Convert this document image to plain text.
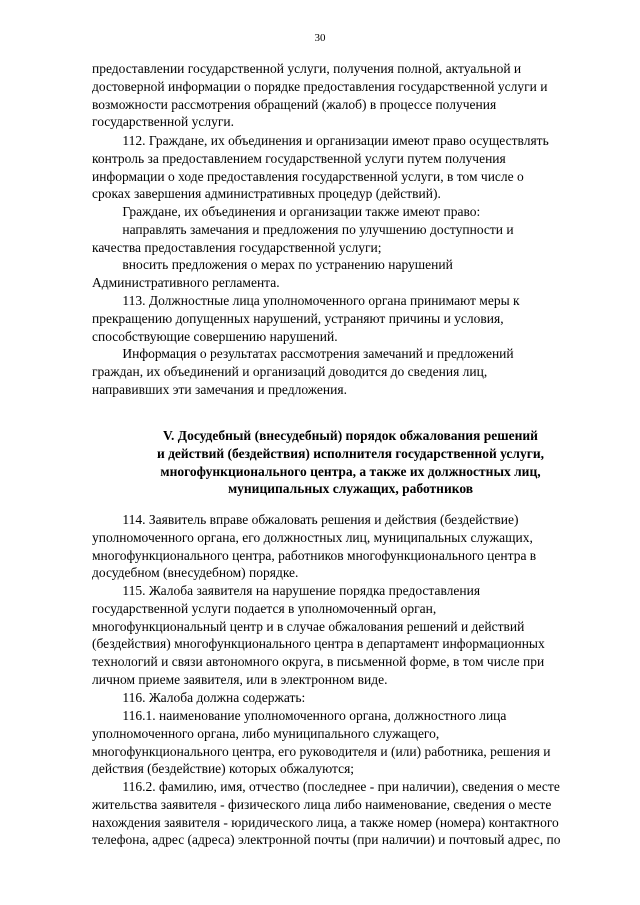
30
предоставлении государственной услуги, получения полной, актуальной и
достоверной информации о порядке предоставления государственной услуги и
возможности рассмотрения обращений (жалоб) в процессе получения
государственной услуги.
112. Граждане, их объединения и организации имеют право осуществлять
контроль за предоставлением государственной услуги путем получения
информации о ходе предоставления государственной услуги, в том числе о
сроках завершения административных процедур (действий).
Граждане, их объединения и организации также имеют право:
направлять замечания и предложения по улучшению доступности и
качества предоставления государственной услуги;
вносить предложения о мерах по устранению нарушений
Административного регламента.
113. Должностные лица уполномоченного органа принимают меры к
прекращению допущенных нарушений, устраняют причины и условия,
способствующие совершению нарушений.
Информация о результатах рассмотрения замечаний и предложений
граждан, их объединений и организаций доводится до сведения лиц,
направивших эти замечания и предложения.
V. Досудебный (внесудебный) порядок обжалования решений
и действий (бездействия) исполнителя государственной услуги,
многофункционального центра, а также их должностных лиц,
муниципальных служащих, работников
114. Заявитель вправе обжаловать решения и действия (бездействие)
уполномоченного органа, его должностных лиц, муниципальных служащих,
многофункционального центра, работников многофункционального центра в
досудебном (внесудебном) порядке.
115. Жалоба заявителя на нарушение порядка предоставления
государственной услуги подается в уполномоченный орган,
многофункциональный центр и в случае обжалования решений и действий
(бездействия) многофункционального центра в департамент информационных
технологий и связи автономного округа, в письменной форме, в том числе при
личном приеме заявителя, или в электронном виде.
116. Жалоба должна содержать:
116.1. наименование уполномоченного органа, должностного лица
уполномоченного органа, либо муниципального служащего,
многофункционального центра, его руководителя и (или) работника, решения и
действия (бездействие) которых обжалуются;
116.2. фамилию, имя, отчество (последнее - при наличии), сведения о месте
жительства заявителя - физического лица либо наименование, сведения о месте
нахождения заявителя - юридического лица, а также номер (номера) контактного
телефона, адрес (адреса) электронной почты (при наличии) и почтовый адрес, по
